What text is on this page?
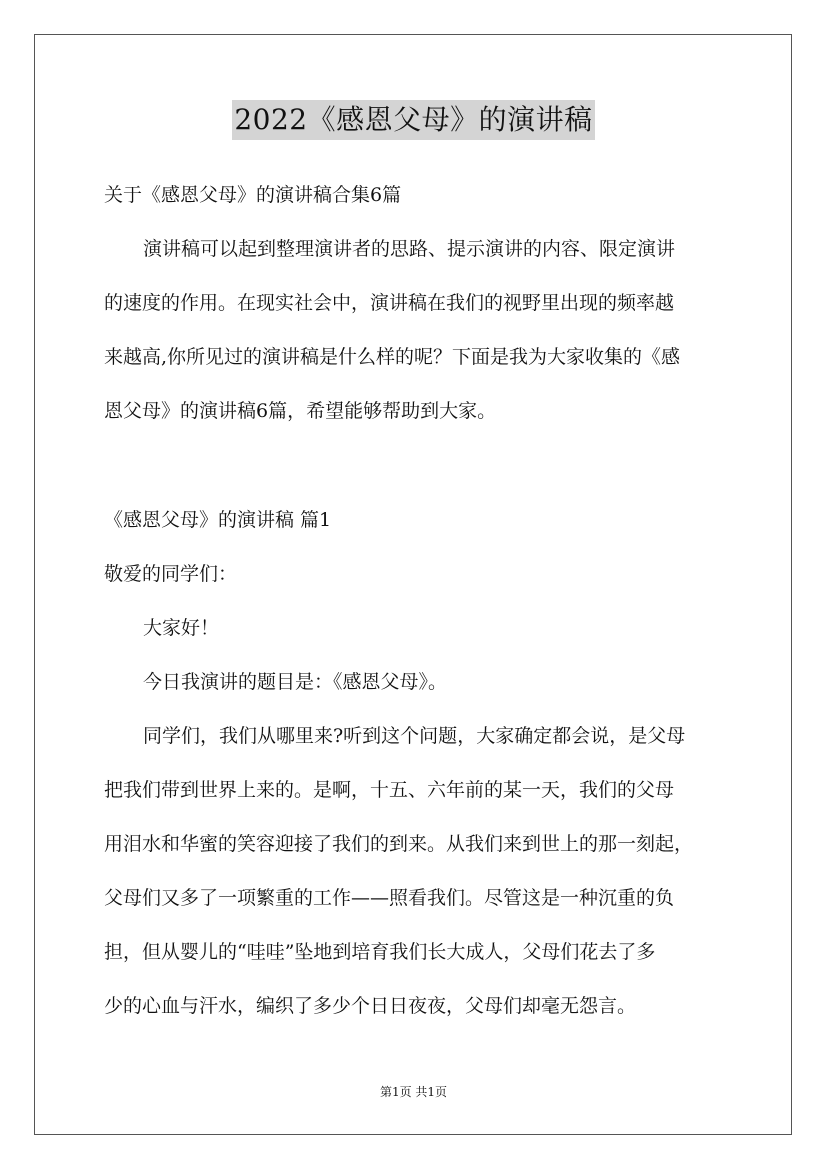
2022《感恩父母》的演讲稿
关于《感恩父母》的演讲稿合集6篇
演讲稿可以起到整理演讲者的思路、提示演讲的内容、限定演讲
的速度的作用。在现实社会中，演讲稿在我们的视野里出现的频率越
来越高,你所见过的演讲稿是什么样的呢？下面是我为大家收集的《感
恩父母》的演讲稿6篇，希望能够帮助到大家。
《感恩父母》的演讲稿 篇1
敬爱的同学们：
大家好！
今日我演讲的题目是：《感恩父母》。
同学们，我们从哪里来?听到这个问题，大家确定都会说，是父母
把我们带到世界上来的。是啊，十五、六年前的某一天，我们的父母
用泪水和华蜜的笑容迎接了我们的到来。从我们来到世上的那一刻起，
父母们又多了一项繁重的工作——照看我们。尽管这是一种沉重的负
担，但从婴儿的“哇哇”坠地到培育我们长大成人，父母们花去了多
少的心血与汗水，编织了多少个日日夜夜，父母们却毫无怨言。
第1页 共1页
